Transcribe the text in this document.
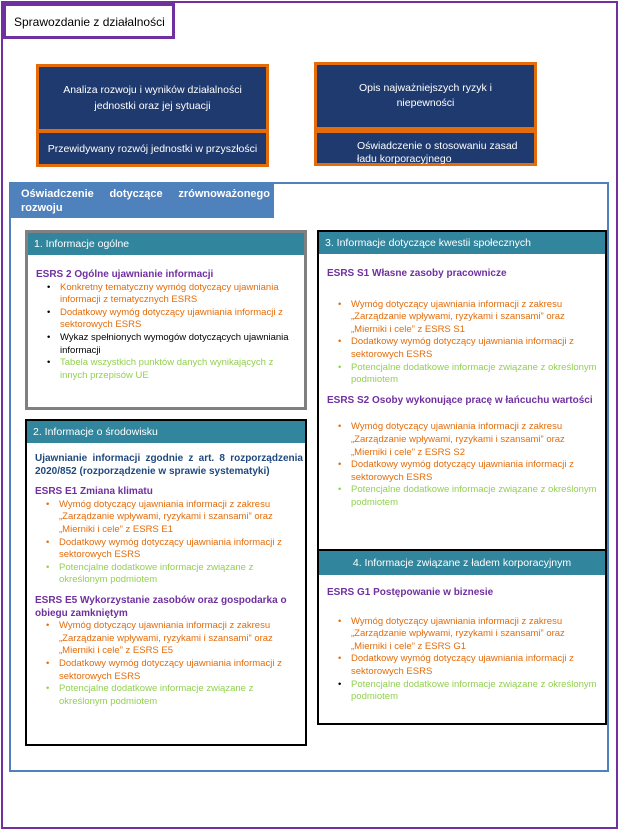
Sprawozdanie z działalności
Analiza rozwoju i wyników działalności jednostki oraz jej sytuacji
Przewidywany rozwój jednostki w przyszłości
Opis najważniejszych ryzyk i niepewności
Oświadczenie o stosowaniu zasad ładu korporacyjnego
Oświadczenie dotyczące zrównoważonego
rozwoju
1. Informacje ogólne
ESRS 2 Ogólne ujawnianie informacji
• Konkretny tematyczny wymóg dotyczący ujawniania informacji z tematycznych ESRS
• Dodatkowy wymóg dotyczący ujawniania informacji z sektorowych ESRS
• Wykaz spełnionych wymogów dotyczących ujawniania informacji
• Tabela wszystkich punktów danych wynikających z innych przepisów UE
2. Informacje o środowisku
Ujawnianie informacji zgodnie z art. 8 rozporządzenia 2020/852 (rozporządzenie w sprawie systematyki)
ESRS E1 Zmiana klimatu
• Wymóg dotyczący ujawniania informacji z zakresu „Zarządzanie wpływami, ryzykami i szansami” oraz „Mierniki i cele” z ESRS E1
• Dodatkowy wymóg dotyczący ujawniania informacji z sektorowych ESRS
• Potencjalne dodatkowe informacje związane z określonym podmiotem
ESRS E5 Wykorzystanie zasobów oraz gospodarka o obiegu zamkniętym
• Wymóg dotyczący ujawniania informacji z zakresu „Zarządzanie wpływami, ryzykami i szansami” oraz „Mierniki i cele” z ESRS E5
• Dodatkowy wymóg dotyczący ujawniania informacji z sektorowych ESRS
• Potencjalne dodatkowe informacje związane z określonym podmiotem
3. Informacje dotyczące kwestii społecznych
ESRS S1 Własne zasoby pracownicze
• Wymóg dotyczący ujawniania informacji z zakresu „Zarządzanie wpływami, ryzykami i szansami” oraz „Mierniki i cele” z ESRS S1
• Dodatkowy wymóg dotyczący ujawniania informacji z sektorowych ESRS
• Potencjalne dodatkowe informacje związane z określonym podmiotem
ESRS S2 Osoby wykonujące pracę w łańcuchu wartości
• Wymóg dotyczący ujawniania informacji z zakresu „Zarządzanie wpływami, ryzykami i szansami” oraz „Mierniki i cele” z ESRS S2
• Dodatkowy wymóg dotyczący ujawniania informacji z sektorowych ESRS
• Potencjalne dodatkowe informacje związane z określonym podmiotem
4. Informacje związane z ładem korporacyjnym
ESRS G1 Postępowanie w biznesie
• Wymóg dotyczący ujawniania informacji z zakresu „Zarządzanie wpływami, ryzykami i szansami” oraz „Mierniki i cele” z ESRS G1
• Dodatkowy wymóg dotyczący ujawniania informacji z sektorowych ESRS
• Potencjalne dodatkowe informacje związane z określonym podmiotem
